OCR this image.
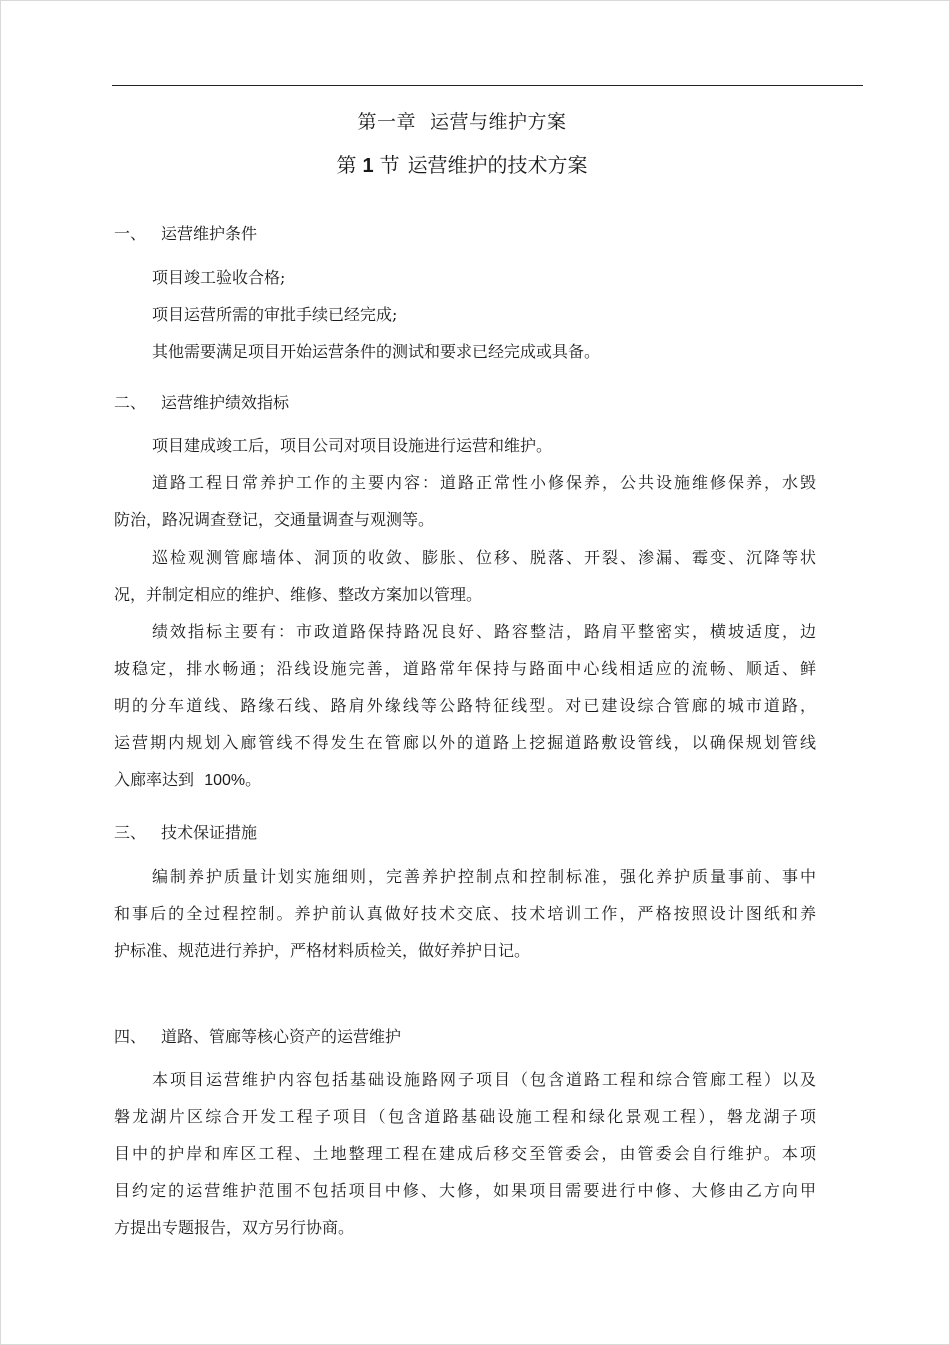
第一章 运营与维护方案
第 1 节 运营维护的技术方案
一、 运营维护条件
项目竣工验收合格;
项目运营所需的审批手续已经完成;
其他需要满足项目开始运营条件的测试和要求已经完成或具备。
二、 运营维护绩效指标
项目建成竣工后，项目公司对项目设施进行运营和维护。
道路工程日常养护工作的主要内容：道路正常性小修保养，公共设施维修保养，水毁
防治，路况调查登记，交通量调查与观测等。
巡检观测管廊墙体、洞顶的收敛、膨胀、位移、脱落、开裂、渗漏、霉变、沉降等状
况，并制定相应的维护、维修、整改方案加以管理。
绩效指标主要有：市政道路保持路况良好、路容整洁，路肩平整密实，横坡适度，边
坡稳定，排水畅通；沿线设施完善，道路常年保持与路面中心线相适应的流畅、顺适、鲜
明的分车道线、路缘石线、路肩外缘线等公路特征线型。对已建设综合管廊的城市道路，
运营期内规划入廊管线不得发生在管廊以外的道路上挖掘道路敷设管线，以确保规划管线
入廊率达到 100%。
三、 技术保证措施
编制养护质量计划实施细则，完善养护控制点和控制标准，强化养护质量事前、事中
和事后的全过程控制。养护前认真做好技术交底、技术培训工作，严格按照设计图纸和养
护标准、规范进行养护，严格材料质检关，做好养护日记。
四、 道路、管廊等核心资产的运营维护
本项目运营维护内容包括基础设施路网子项目（包含道路工程和综合管廊工程）以及
磐龙湖片区综合开发工程子项目（包含道路基础设施工程和绿化景观工程），磐龙湖子项
目中的护岸和库区工程、土地整理工程在建成后移交至管委会，由管委会自行维护。本项
目约定的运营维护范围不包括项目中修、大修，如果项目需要进行中修、大修由乙方向甲
方提出专题报告，双方另行协商。
